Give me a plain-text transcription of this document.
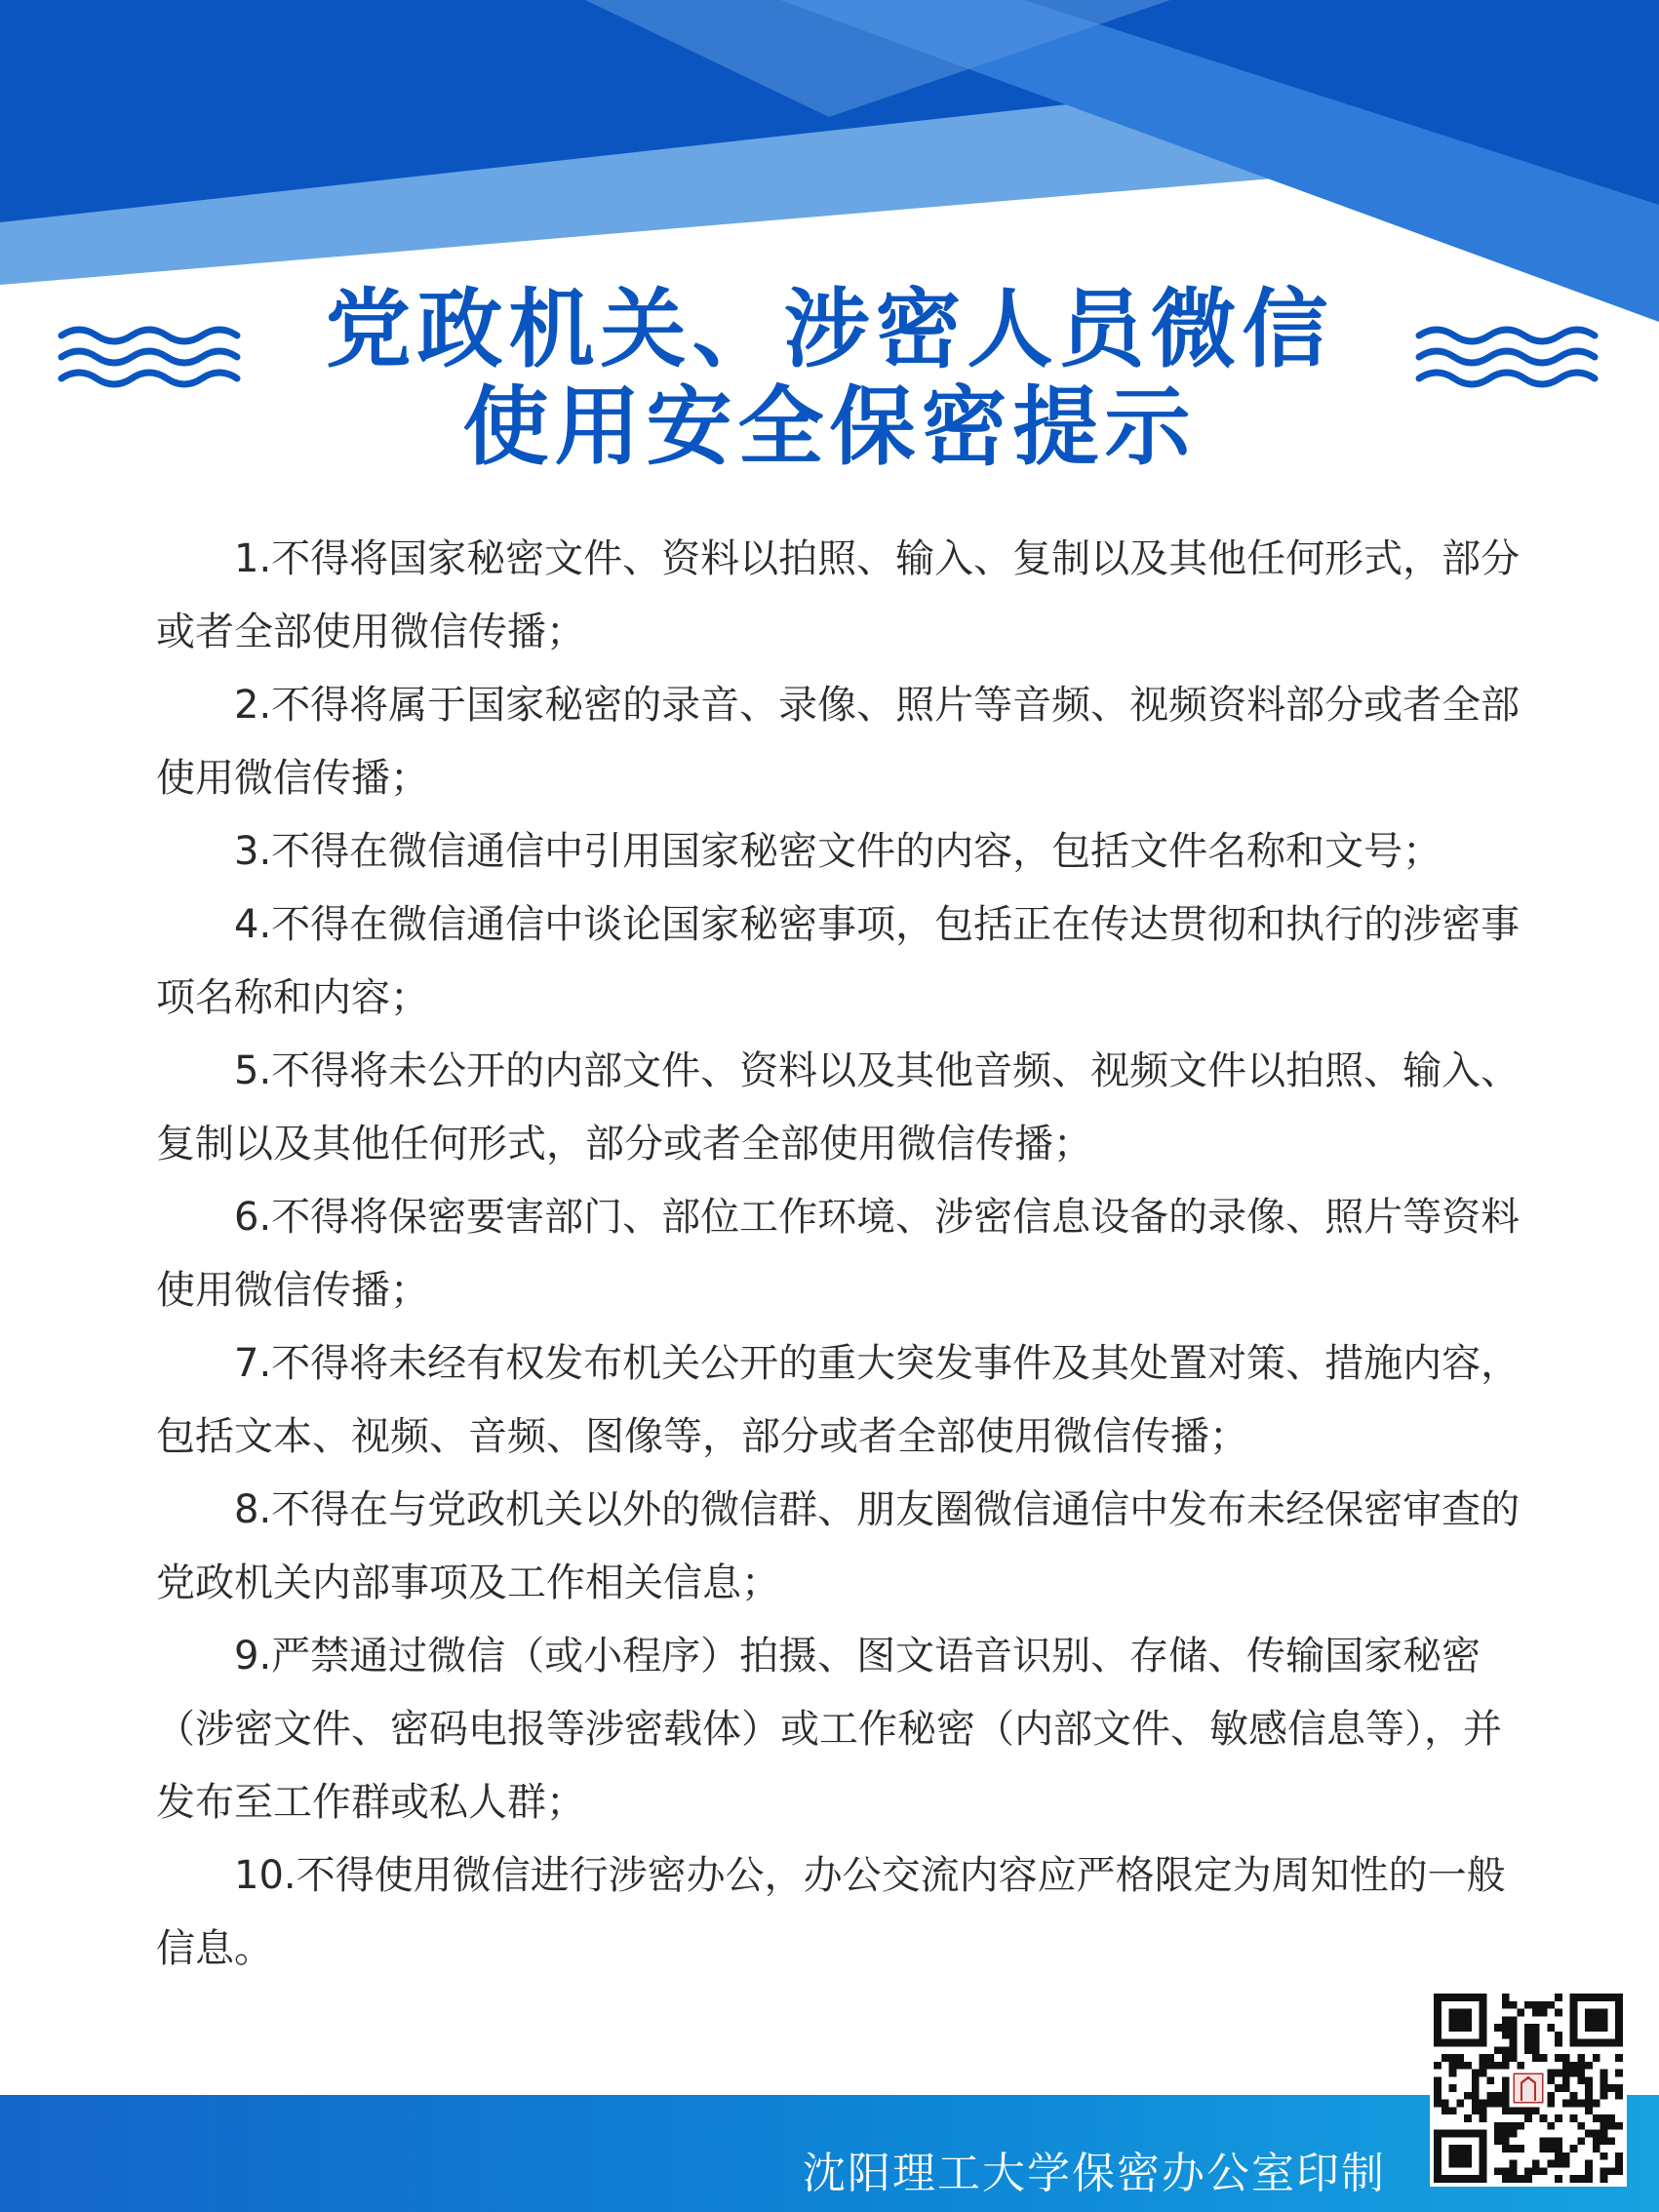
党政机关、涉密人员微信
使用安全保密提示

1.不得将国家秘密文件、资料以拍照、输入、复制以及其他任何形式，部分或者全部使用微信传播；

2.不得将属于国家秘密的录音、录像、照片等音频、视频资料部分或者全部使用微信传播；

3.不得在微信通信中引用国家秘密文件的内容，包括文件名称和文号；

4.不得在微信通信中谈论国家秘密事项，包括正在传达贯彻和执行的涉密事项名称和内容；

5.不得将未公开的内部文件、资料以及其他音频、视频文件以拍照、输入、复制以及其他任何形式，部分或者全部使用微信传播；

6.不得将保密要害部门、部位工作环境、涉密信息设备的录像、照片等资料使用微信传播；

7.不得将未经有权发布机关公开的重大突发事件及其处置对策、措施内容，包括文本、视频、音频、图像等，部分或者全部使用微信传播；

8.不得在与党政机关以外的微信群、朋友圈微信通信中发布未经保密审查的党政机关内部事项及工作相关信息；

9.严禁通过微信（或小程序）拍摄、图文语音识别、存储、传输国家秘密（涉密文件、密码电报等涉密载体）或工作秘密（内部文件、敏感信息等），并发布至工作群或私人群；

10.不得使用微信进行涉密办公，办公交流内容应严格限定为周知性的一般信息。

沈阳理工大学保密办公室印制
